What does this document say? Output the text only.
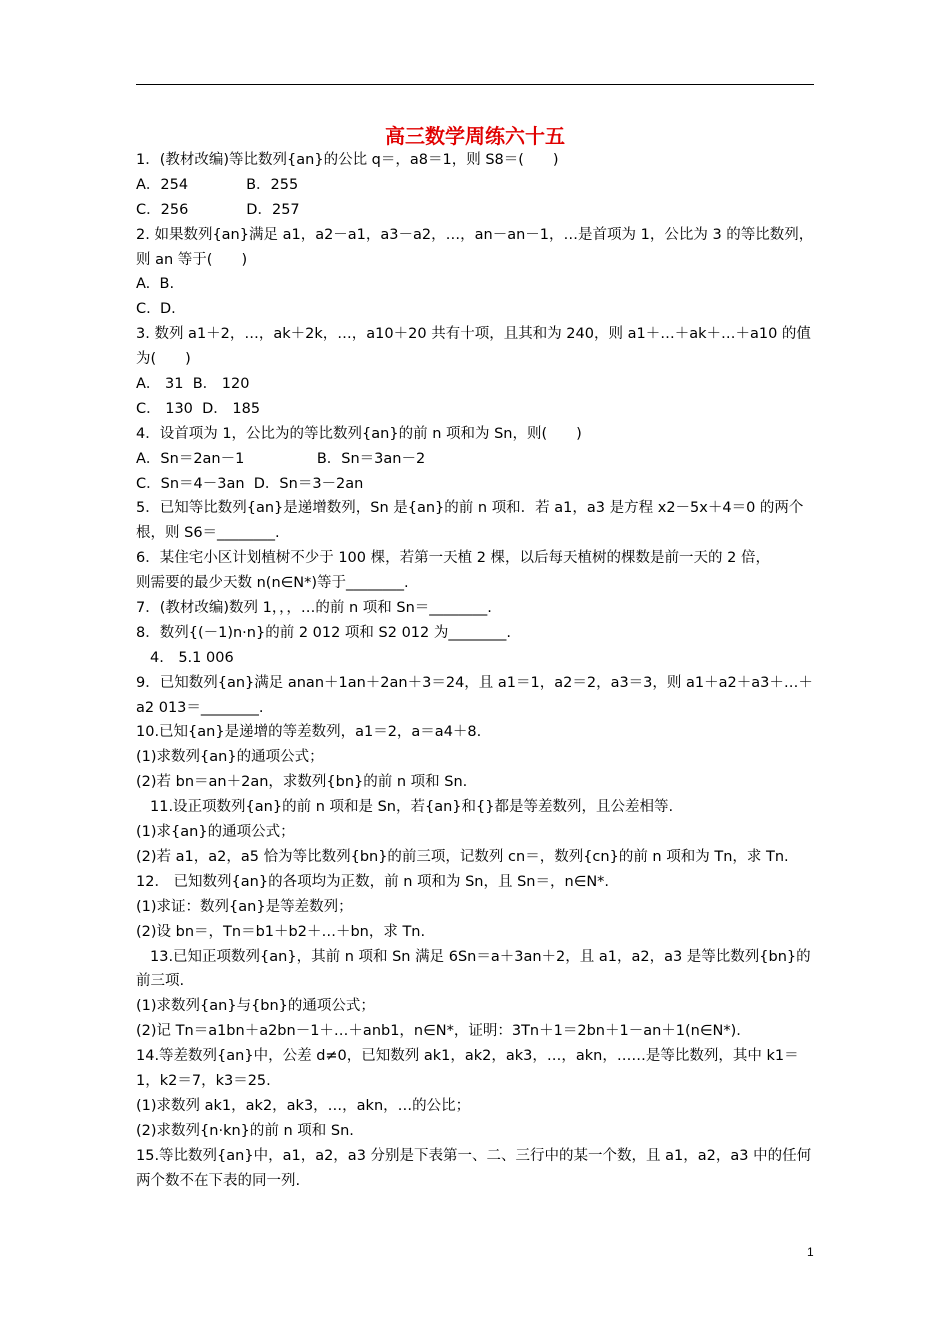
高三数学周练六十五
1．(教材改编)等比数列{an}的公比 q＝，a8＝1，则 S8＝(　　)
A．254　　　　B．255
C．256　　　　D．257
2. 如果数列{an}满足 a1，a2－a1，a3－a2，…，an－an－1，…是首项为 1，公比为 3 的等比数列，
则 an 等于(　　)
A.  B.
C.  D.
3. 数列 a1＋2，…，ak＋2k，…，a10＋20 共有十项，且其和为 240，则 a1＋…＋ak＋…＋a10 的值
为(　　)
A． 31  B． 120
C． 130  D． 185
4．设首项为 1，公比为的等比数列{an}的前 n 项和为 Sn，则(　　)
A．Sn＝2an－1　　　　　B．Sn＝3an－2
C．Sn＝4－3an  D．Sn＝3－2an
5．已知等比数列{an}是递增数列，Sn 是{an}的前 n 项和．若 a1，a3 是方程 x2－5x＋4＝0 的两个
根，则 S6＝________.
6．某住宅小区计划植树不少于 100 棵，若第一天植 2 棵，以后每天植树的棵数是前一天的 2 倍，
则需要的最少天数 n(n∈N*)等于________.
7．(教材改编)数列 1，，，…的前 n 项和 Sn＝________.
8．数列{(－1)n·n}的前 2 012 项和 S2 012 为________.
4.　5.1 006
9．已知数列{an}满足 anan＋1an＋2an＋3＝24，且 a1＝1，a2＝2，a3＝3，则 a1＋a2＋a3＋…＋
a2 013＝________.
10.已知{an}是递增的等差数列，a1＝2，a＝a4＋8.
(1)求数列{an}的通项公式；
(2)若 bn＝an＋2an，求数列{bn}的前 n 项和 Sn.
11.设正项数列{an}的前 n 项和是 Sn，若{an}和{}都是等差数列，且公差相等.
(1)求{an}的通项公式；
(2)若 a1，a2，a5 恰为等比数列{bn}的前三项，记数列 cn＝，数列{cn}的前 n 项和为 Tn，求 Tn.
12． 已知数列{an}的各项均为正数，前 n 项和为 Sn，且 Sn＝，n∈N*.
(1)求证：数列{an}是等差数列；
(2)设 bn＝，Tn＝b1＋b2＋…＋bn，求 Tn.
13.已知正项数列{an}，其前 n 项和 Sn 满足 6Sn＝a＋3an＋2，且 a1，a2，a3 是等比数列{bn}的
前三项.
(1)求数列{an}与{bn}的通项公式；
(2)记 Tn＝a1bn＋a2bn－1＋…＋anb1，n∈N*，证明：3Tn＋1＝2bn＋1－an＋1(n∈N*).
14.等差数列{an}中，公差 d≠0，已知数列 ak1，ak2，ak3，…，akn，……是等比数列，其中 k1＝
1，k2＝7，k3＝25.
(1)求数列 ak1，ak2，ak3，…，akn，…的公比；
(2)求数列{n·kn}的前 n 项和 Sn.
15.等比数列{an}中，a1，a2，a3 分别是下表第一、二、三行中的某一个数，且 a1，a2，a3 中的任何
两个数不在下表的同一列.
1
